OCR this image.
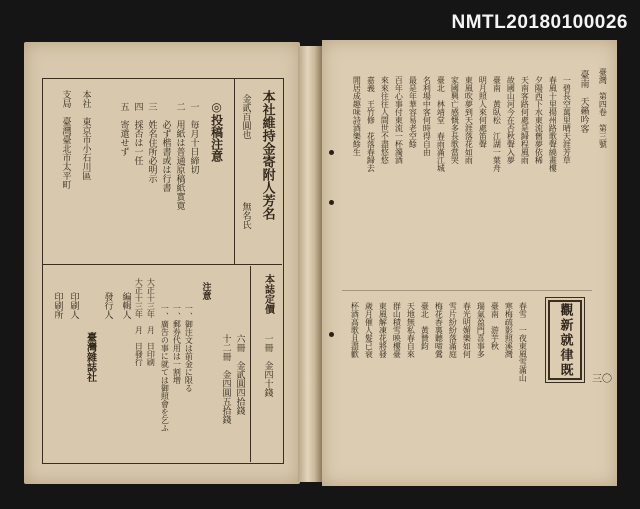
NMTL20180100026
本社維持金寄附人芳名
金貳百圓也
無名氏
◎投稿注意
一　毎月十日締切
二　用紙は普通原稿紙實寛
　　必ず楷書或は行書
三　姓名住所必明示
四　採否は一任
五　寄還せず
本社　東京市小石川區
支局　臺灣臺北市太平町
本誌定價
一冊　金四十錢
六冊　金貳圓四拾錢
十二冊　金四圓五拾錢
注意
一、御注文は前金に限る
一、郵券代用は一割増
一、廣告の事に就ては御照會を乞ふ
大正十三年　月　日印刷
大正十三年　月　日發行
編輯人
發行人
臺灣雜誌社
印刷人
印刷所
臺灣　第四卷　第三號
三〇
臺南　天籟吟客
一碧長空萬里晴天涯芳草
春風十里揚州路歌聲繞畫樓
夕陽西下水東流舊夢依稀
天南客路何處是歸程風雨
故國山河今在否秋聲入夢
臺南　黃臥松　江湖一葉舟
明月照人來何處笛聲
東風吹夢到天涯落花如雨
家國興亡感慨多長歌當哭
臺北　林靖堂　春雨滿江城
名利場中客何時得自由
最是年華容易老空餘
百年心事付東流一杯濁酒
來來往往人間世不盡悠悠
嘉義　王竹修　花落春歸去
閒居成趣味詩酒樂餘生
春雪　一夜東風雪滿山
寒梅疏影照溪灣
臺南　游芋秋
瑞氣盈門喜事多
春光明媚樂如何
雪片紛紛落滿庭
梅花香裏聽啼鶯
臺北　黃贊鈞
天地無私春自來
群山積雪映樓臺
東風解凍花將發
歲月催人髮已衰
杯酒高歌且盡歡	觀新就律既
